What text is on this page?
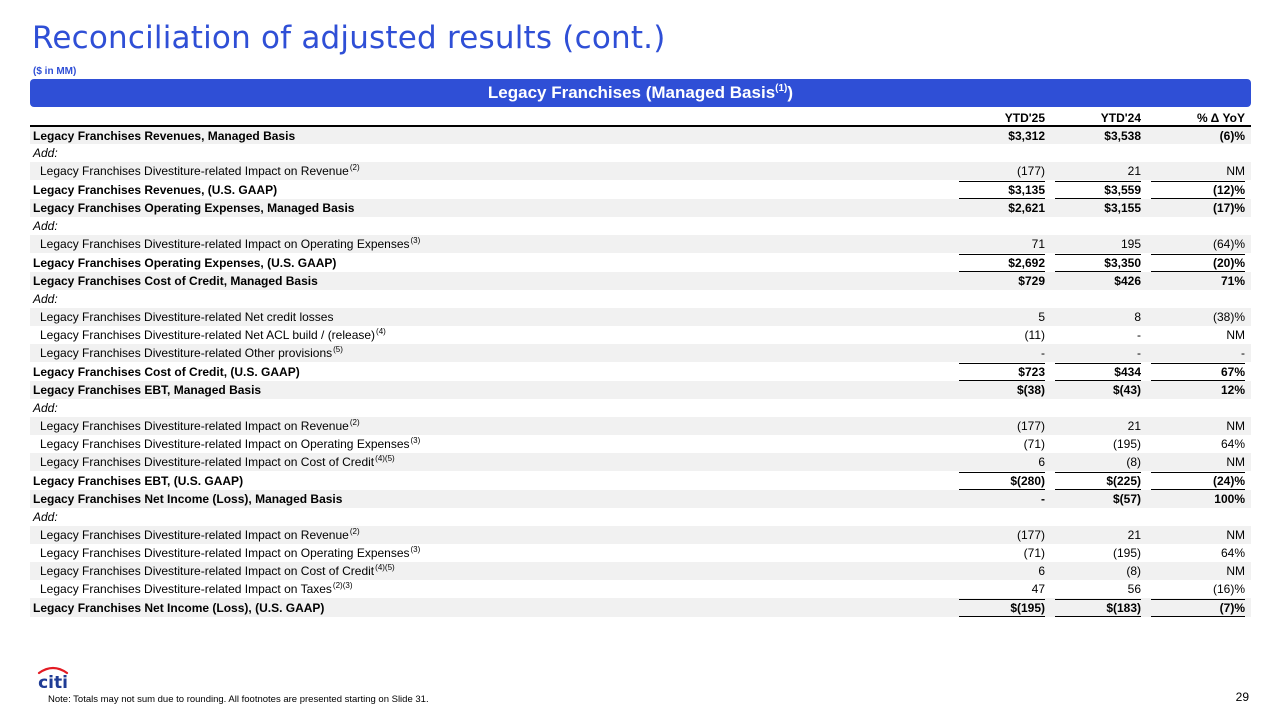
Reconciliation of adjusted results (cont.)
($ in MM)
Legacy Franchises (Managed Basis$^{(1)}$)
	YTD'25	YTD'24	% Δ YoY
Legacy Franchises Revenues, Managed Basis	$3,312	$3,538	(6)%
Add:			
Legacy Franchises Divestiture-related Impact on Revenue$^{(2)}$	(177)	21	NM
Legacy Franchises Revenues, (U.S. GAAP)	$3,135	$3,559	(12)%

Legacy Franchises Operating Expenses, Managed Basis	$2,621	$3,155	(17)%
Add:			
Legacy Franchises Divestiture-related Impact on Operating Expenses$^{(3)}$	71	195	(64)%
Legacy Franchises Operating Expenses, (U.S. GAAP)	$2,692	$3,350	(20)%

Legacy Franchises Cost of Credit, Managed Basis	$729	$426	71%
Add:			
Legacy Franchises Divestiture-related Net credit losses	5	8	(38)%
Legacy Franchises Divestiture-related Net ACL build / (release)$^{(4)}$	(11)	-	NM
Legacy Franchises Divestiture-related Other provisions$^{(5)}$	-	-	-
Legacy Franchises Cost of Credit, (U.S. GAAP)	$723	$434	67%

Legacy Franchises EBT, Managed Basis	$(38)	$(43)	12%
Add:			
Legacy Franchises Divestiture-related Impact on Revenue$^{(2)}$	(177)	21	NM
Legacy Franchises Divestiture-related Impact on Operating Expenses$^{(3)}$	(71)	(195)	64%
Legacy Franchises Divestiture-related Impact on Cost of Credit$^{(4)(5)}$	6	(8)	NM
Legacy Franchises EBT, (U.S. GAAP)	$(280)	$(225)	(24)%

Legacy Franchises Net Income (Loss), Managed Basis	-	$(57)	100%
Add:			
Legacy Franchises Divestiture-related Impact on Revenue$^{(2)}$	(177)	21	NM
Legacy Franchises Divestiture-related Impact on Operating Expenses$^{(3)}$	(71)	(195)	64%
Legacy Franchises Divestiture-related Impact on Cost of Credit$^{(4)(5)}$	6	(8)	NM
Legacy Franchises Divestiture-related Impact on Taxes$^{(2)(3)}$	47	56	(16)%
Legacy Franchises Net Income (Loss), (U.S. GAAP)	$(195)	$(183)	(7)%
citi
Note: Totals may not sum due to rounding. All footnotes are presented starting on Slide 31.	29
